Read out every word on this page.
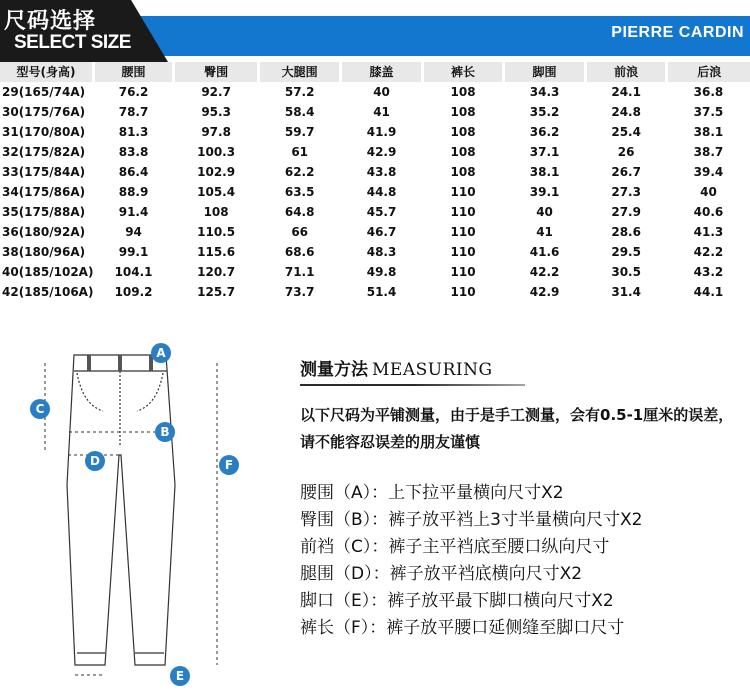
尺码选择
SELECT SIZE	PIERRE CARDIN
型号(身高)	腰围	臀围	大腿围	膝盖	裤长	脚围	前浪	后浪
29(165/74A)	76.2	92.7	57.2	40	108	34.3	24.1	36.8
30(175/76A)	78.7	95.3	58.4	41	108	35.2	24.8	37.5
31(170/80A)	81.3	97.8	59.7	41.9	108	36.2	25.4	38.1
32(175/82A)	83.8	100.3	61	42.9	108	37.1	26	38.7
33(175/84A)	86.4	102.9	62.2	43.8	108	38.1	26.7	39.4
34(175/86A)	88.9	105.4	63.5	44.8	110	39.1	27.3	40
35(175/88A)	91.4	108	64.8	45.7	110	40	27.9	40.6
36(180/92A)	94	110.5	66	46.7	110	41	28.6	41.3
38(180/96A)	99.1	115.6	68.6	48.3	110	41.6	29.5	42.2
40(185/102A)	104.1	120.7	71.1	49.8	110	42.2	30.5	43.2
42(185/106A)	109.2	125.7	73.7	51.4	110	42.9	31.4	44.1
A
B
C
D
E
F
测量方法 MEASURING
以下尺码为平铺测量，由于是手工测量，会有0.5-1厘米的误差，请不能容忍误差的朋友谨慎
腰围（A）：上下拉平量横向尺寸X2
臀围（B）：裤子放平裆上3寸半量横向尺寸X2
前裆（C）：裤子主平裆底至腰口纵向尺寸
腿围（D）：裤子放平裆底横向尺寸X2
脚口（E）：裤子放平最下脚口横向尺寸X2
裤长（F）：裤子放平腰口延侧缝至脚口尺寸
